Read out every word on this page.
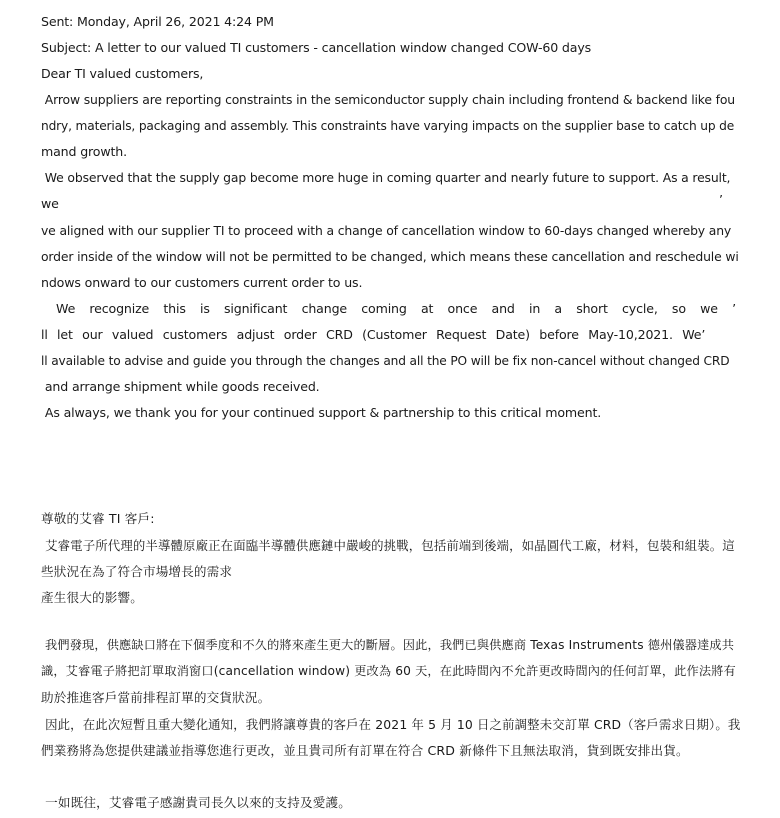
Sent: Monday, April 26, 2021 4:24 PM
Subject: A letter to our valued TI customers - cancellation window changed COW-60 days
Dear TI valued customers,
Arrow suppliers are reporting constraints in the semiconductor supply chain including frontend & backend like fou
ndry, materials, packaging and assembly. This constraints have varying impacts on the supplier base to catch up de
mand growth.
We observed that the supply gap become more huge in coming quarter and nearly future to support. As a result,
we	’
ve aligned with our supplier TI to proceed with a change of cancellation window to 60-days changed whereby any
order inside of the window will not be permitted to be changed, which means these cancellation and reschedule wi
ndows onward to our customers current order to us.
We recognize this is significant change coming at once and in a short cycle, so we ’
ll let our valued customers adjust order CRD (Customer Request Date) before May-10,2021. We’
ll available to advise and guide you through the changes and all the PO will be fix non-cancel without changed CRD
and arrange shipment while goods received.
As always, we thank you for your continued support & partnership to this critical moment.
尊敬的艾睿 TI 客戶:
艾睿電子所代理的半導體原廠正在面臨半導體供應鏈中嚴峻的挑戰，包括前端到後端，如晶圓代工廠，材料，包裝和組裝。這
些狀況在為了符合市場增長的需求
產生很大的影響。
我們發現，供應缺口將在下個季度和不久的將來產生更大的斷層。因此，我們已與供應商 Texas Instruments 德州儀器達成共
識，艾睿電子將把訂單取消窗口(cancellation window) 更改為 60 天，在此時間內不允許更改時間內的任何訂單，此作法將有
助於推進客戶當前排程訂單的交貨狀況。
因此，在此次短暫且重大變化通知，我們將讓尊貴的客戶在 2021 年 5 月 10 日之前調整未交訂單 CRD（客戶需求日期）。我
們業務將為您提供建議並指導您進行更改，並且貴司所有訂單在符合 CRD 新條件下且無法取消，貨到既安排出貨。
一如既往，艾睿電子感謝貴司長久以來的支持及愛護。
